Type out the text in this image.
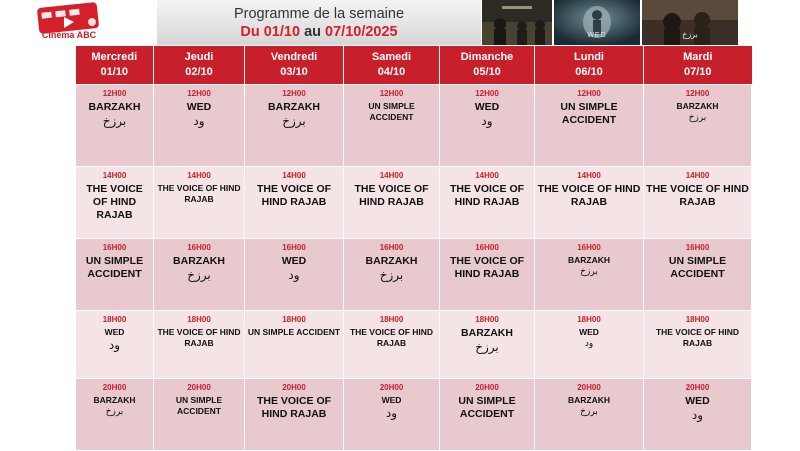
Cinéma ABC
Programme de la semaine
Du 01/10 au 07/10/2025	WED	برزخ
Mercredi
01/10	Jeudi
02/10	Vendredi
03/10	Samedi
04/10	Dimanche
05/10	Lundi
06/10	Mardi
07/10

12H00
BARZAKH
برزخ	12H00
WED
ود	12H00
BARZAKH
برزخ	12H00
UN SIMPLE ACCIDENT	12H00
WED
ود	12H00
UN SIMPLE ACCIDENT	12H00
BARZAKH
برزخ

14H00
THE VOICE OF HIND RAJAB	14H00
THE VOICE OF HIND RAJAB	14H00
THE VOICE OF HIND RAJAB	14H00
THE VOICE OF HIND RAJAB	14H00
THE VOICE OF HIND RAJAB	14H00
THE VOICE OF HIND RAJAB	14H00
THE VOICE OF HIND RAJAB

16H00
UN SIMPLE ACCIDENT	16H00
BARZAKH
برزخ	16H00
WED
ود	16H00
BARZAKH
برزخ	16H00
THE VOICE OF HIND RAJAB	16H00
BARZAKH
برزخ	16H00
UN SIMPLE ACCIDENT

18H00
WED
ود	18H00
THE VOICE OF HIND RAJAB	18H00
UN SIMPLE ACCIDENT	18H00
THE VOICE OF HIND RAJAB	18H00
BARZAKH
برزخ	18H00
WED
ود	18H00
THE VOICE OF HIND RAJAB

20H00
BARZAKH
برزخ	20H00
UN SIMPLE ACCIDENT	20H00
THE VOICE OF HIND RAJAB	20H00
WED
ود	20H00
UN SIMPLE ACCIDENT	20H00
BARZAKH
برزخ	20H00
WED
ود
